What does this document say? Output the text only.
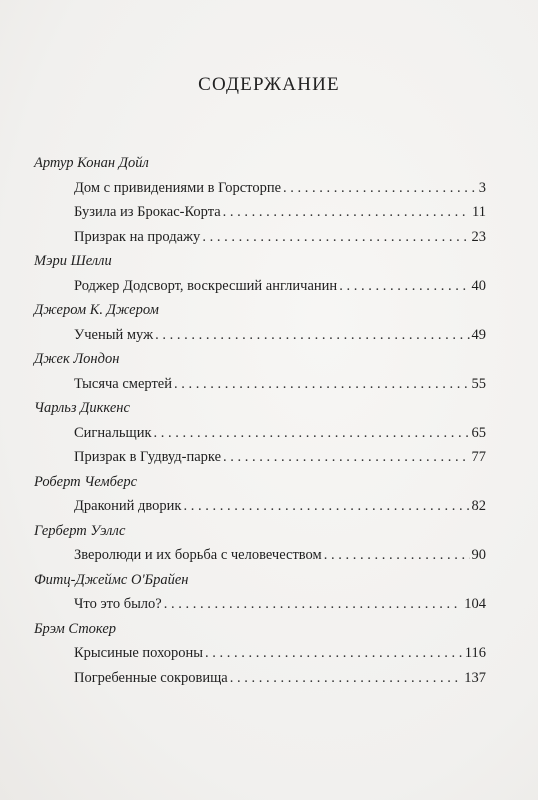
СОДЕРЖАНИЕ
Артур Конан Дойл
Дом с привидениями в Горсторпе . . .	3
Бузила из Брокас-Корта . . .	11
Призрак на продажу . . .	23
Мэри Шелли
Роджер Додсворт, воскресший англичанин . . .	40
Джером К. Джером
Ученый муж . . .	49
Джек Лондон
Тысяча смертей . . .	55
Чарльз Диккенс
Сигнальщик . . .	65
Призрак в Гудвуд-парке . . .	77
Роберт Чемберс
Драконий дворик . . .	82
Герберт Уэллс
Зверолюди и их борьба с человечеством . . .	90
Фитц-Джеймс О'Брайен
Что это было? . . .	104
Брэм Стокер
Крысиные похороны . . .	116
Погребенные сокровища . . .	137
